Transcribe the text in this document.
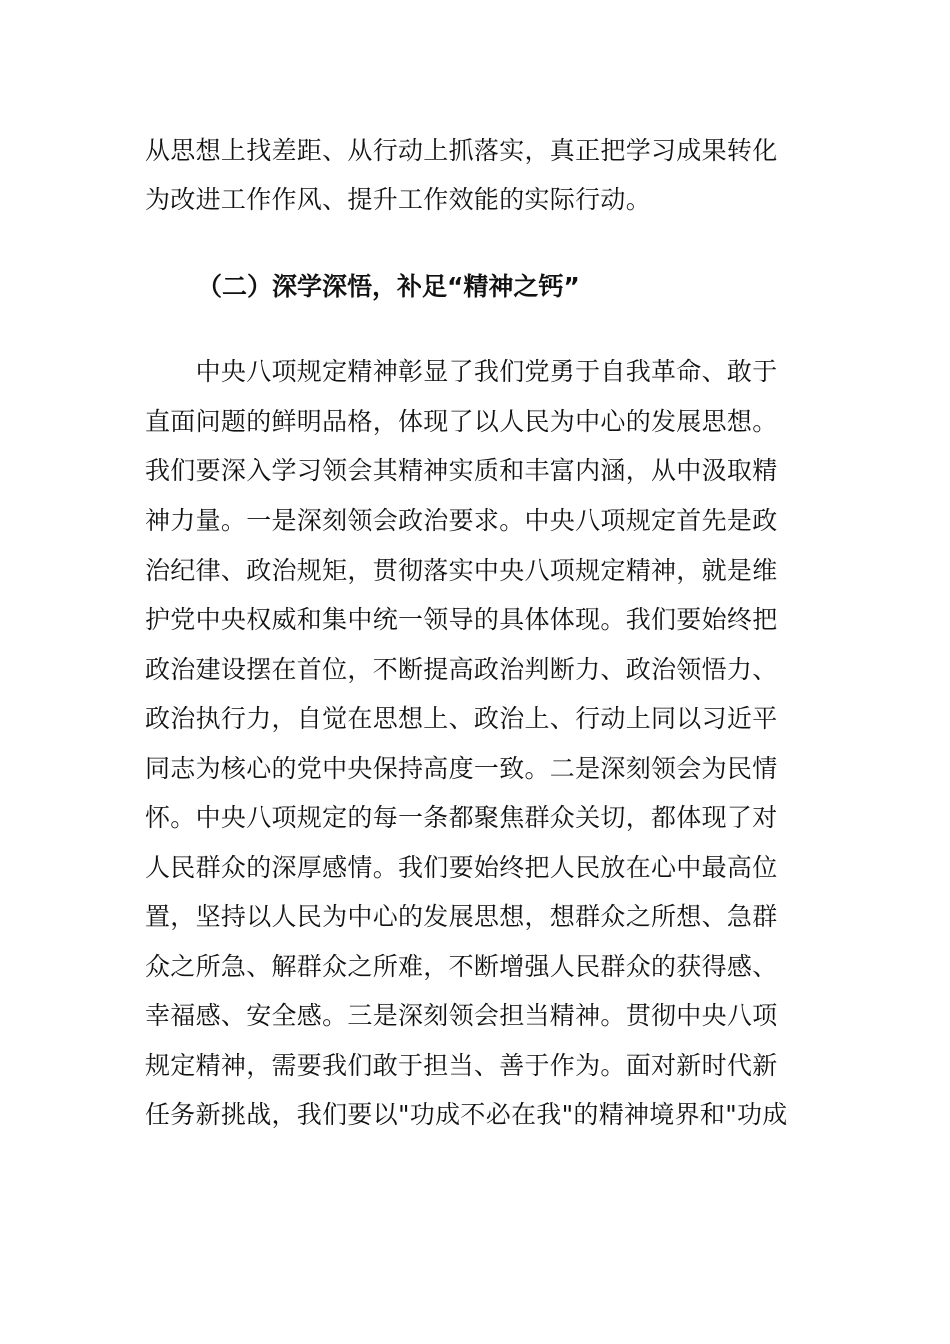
从思想上找差距、从行动上抓落实，真正把学习成果转化
为改进工作作风、提升工作效能的实际行动。
（二）深学深悟，补足“精神之钙”
　　中央八项规定精神彰显了我们党勇于自我革命、敢于
直面问题的鲜明品格，体现了以人民为中心的发展思想。
我们要深入学习领会其精神实质和丰富内涵，从中汲取精
神力量。一是深刻领会政治要求。中央八项规定首先是政
治纪律、政治规矩，贯彻落实中央八项规定精神，就是维
护党中央权威和集中统一领导的具体体现。我们要始终把
政治建设摆在首位，不断提高政治判断力、政治领悟力、
政治执行力，自觉在思想上、政治上、行动上同以习近平
同志为核心的党中央保持高度一致。二是深刻领会为民情
怀。中央八项规定的每一条都聚焦群众关切，都体现了对
人民群众的深厚感情。我们要始终把人民放在心中最高位
置，坚持以人民为中心的发展思想，想群众之所想、急群
众之所急、解群众之所难，不断增强人民群众的获得感、
幸福感、安全感。三是深刻领会担当精神。贯彻中央八项
规定精神，需要我们敢于担当、善于作为。面对新时代新
任务新挑战，我们要以"功成不必在我"的精神境界和"功成
